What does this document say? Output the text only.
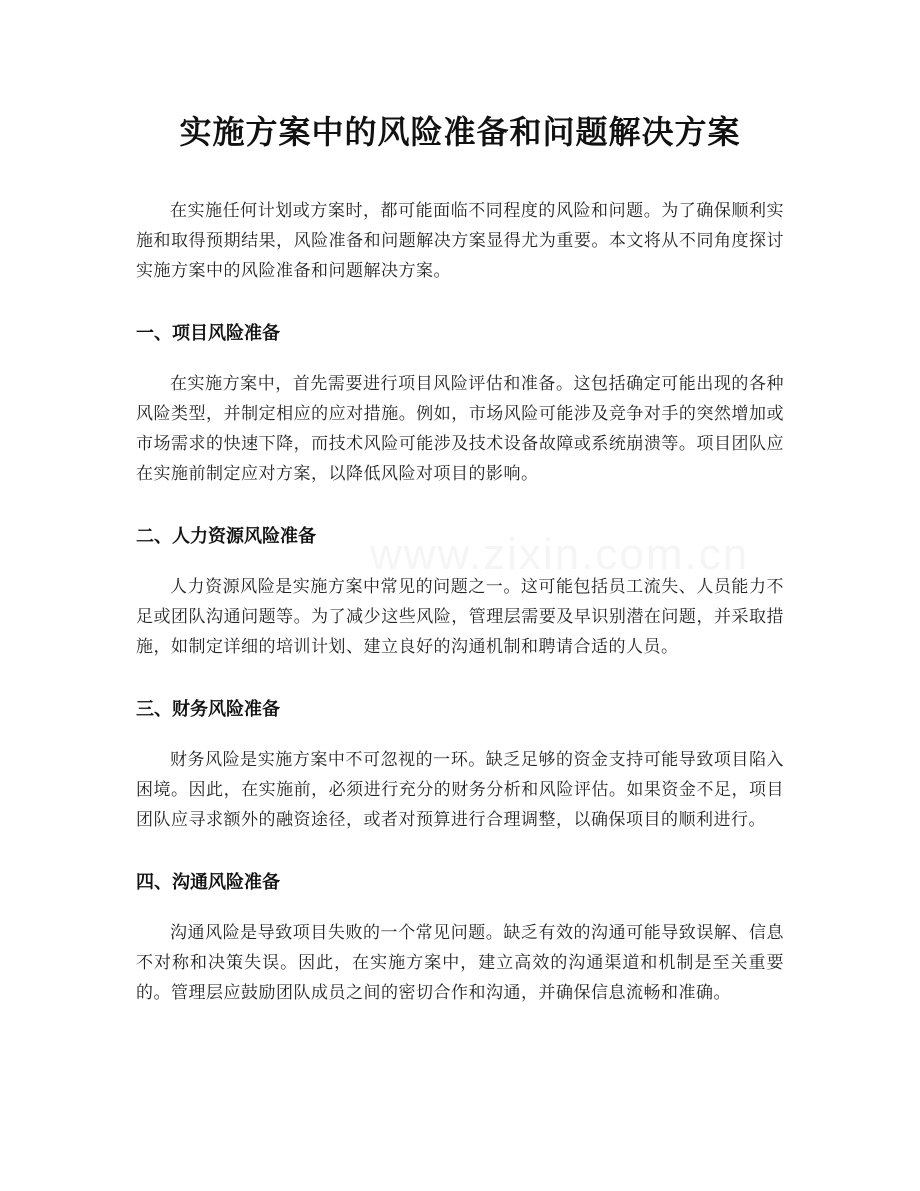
实施方案中的风险准备和问题解决方案

在实施任何计划或方案时，都可能面临不同程度的风险和问题。为了确保顺利实施和取得预期结果，风险准备和问题解决方案显得尤为重要。本文将从不同角度探讨实施方案中的风险准备和问题解决方案。

一、项目风险准备

在实施方案中，首先需要进行项目风险评估和准备。这包括确定可能出现的各种风险类型，并制定相应的应对措施。例如，市场风险可能涉及竞争对手的突然增加或市场需求的快速下降，而技术风险可能涉及技术设备故障或系统崩溃等。项目团队应在实施前制定应对方案，以降低风险对项目的影响。

二、人力资源风险准备

人力资源风险是实施方案中常见的问题之一。这可能包括员工流失、人员能力不足或团队沟通问题等。为了减少这些风险，管理层需要及早识别潜在问题，并采取措施，如制定详细的培训计划、建立良好的沟通机制和聘请合适的人员。

三、财务风险准备

财务风险是实施方案中不可忽视的一环。缺乏足够的资金支持可能导致项目陷入困境。因此，在实施前，必须进行充分的财务分析和风险评估。如果资金不足，项目团队应寻求额外的融资途径，或者对预算进行合理调整，以确保项目的顺利进行。

四、沟通风险准备

沟通风险是导致项目失败的一个常见问题。缺乏有效的沟通可能导致误解、信息不对称和决策失误。因此，在实施方案中，建立高效的沟通渠道和机制是至关重要的。管理层应鼓励团队成员之间的密切合作和沟通，并确保信息流畅和准确。

www.zixin.com.cn
